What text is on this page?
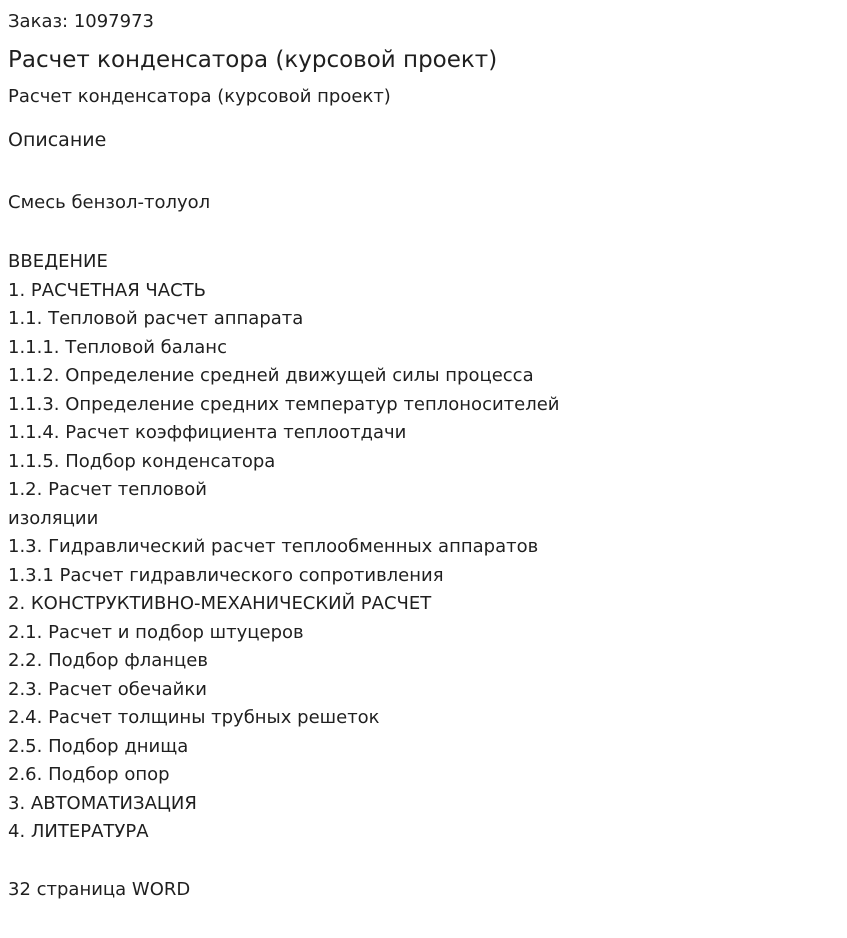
Заказ: 1097973

Расчет конденсатора (курсовой проект)

Расчет конденсатора (курсовой проект)

Описание

Смесь бензол-толуол

ВВЕДЕНИЕ
1. РАСЧЕТНАЯ ЧАСТЬ
1.1. Тепловой расчет аппарата
1.1.1. Тепловой баланс
1.1.2. Определение средней движущей силы процесса
1.1.3. Определение средних температур теплоносителей
1.1.4. Расчет коэффициента теплоотдачи
1.1.5. Подбор конденсатора
1.2. Расчет тепловой
изоляции
1.3. Гидравлический расчет теплообменных аппаратов
1.3.1 Расчет гидравлического сопротивления
2. КОНСТРУКТИВНО-МЕХАНИЧЕСКИЙ РАСЧЕТ
2.1. Расчет и подбор штуцеров
2.2. Подбор фланцев
2.3. Расчет обечайки
2.4. Расчет толщины трубных решеток
2.5. Подбор днища
2.6. Подбор опор
3. АВТОМАТИЗАЦИЯ
4. ЛИТЕРАТУРА

32 страница WORD
